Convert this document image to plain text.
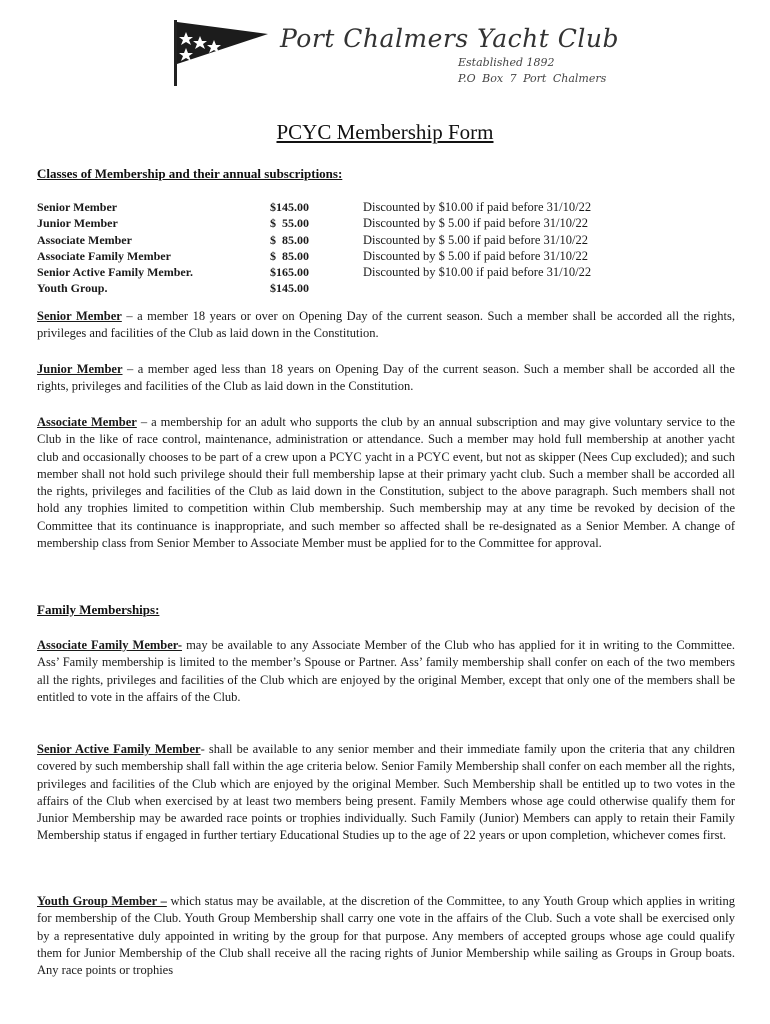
Port Chalmers Yacht Club
Established 1892
P.O Box 7 Port Chalmers
PCYC Membership Form
Classes of Membership and their annual subscriptions:
Senior Member	$145.00	Discounted by $10.00 if paid before 31/10/22
Junior Member	$  55.00	Discounted by $ 5.00 if paid before 31/10/22
Associate Member	$  85.00	Discounted by $ 5.00 if paid before 31/10/22
Associate Family Member	$  85.00	Discounted by $ 5.00 if paid before 31/10/22
Senior Active Family Member.	$165.00	Discounted by $10.00 if paid before 31/10/22
Youth Group.	$145.00

Senior Member – a member 18 years or over on Opening Day of the current season. Such a member shall be accorded all the rights, privileges and facilities of the Club as laid down in the Constitution.

Junior Member – a member aged less than 18 years on Opening Day of the current season. Such a member shall be accorded all the rights, privileges and facilities of the Club as laid down in the Constitution.

Associate Member – a membership for an adult who supports the club by an annual subscription and may give voluntary service to the Club in the like of race control, maintenance, administration or attendance. Such a member may hold full membership at another yacht club and occasionally chooses to be part of a crew upon a PCYC yacht in a PCYC event, but not as skipper (Nees Cup excluded); and such member shall not hold such privilege should their full membership lapse at their primary yacht club. Such a member shall be accorded all the rights, privileges and facilities of the Club as laid down in the Constitution, subject to the above paragraph. Such members shall not hold any trophies limited to competition within Club membership. Such membership may at any time be revoked by decision of the Committee that its continuance is inappropriate, and such member so affected shall be re-designated as a Senior Member. A change of membership class from Senior Member to Associate Member must be applied for to the Committee for approval.

Family Memberships:

Associate Family Member- may be available to any Associate Member of the Club who has applied for it in writing to the Committee. Ass’ Family membership is limited to the member’s Spouse or Partner. Ass’ family membership shall confer on each of the two members all the rights, privileges and facilities of the Club which are enjoyed by the original Member, except that only one of the members shall be entitled to vote in the affairs of the Club.

Senior Active Family Member- shall be available to any senior member and their immediate family upon the criteria that any children covered by such membership shall fall within the age criteria below. Senior Family Membership shall confer on each member all the rights, privileges and facilities of the Club which are enjoyed by the original Member. Such Membership shall be entitled up to two votes in the affairs of the Club when exercised by at least two members being present. Family Members whose age could otherwise qualify them for Junior Membership may be awarded race points or trophies individually. Such Family (Junior) Members can apply to retain their Family Membership status if engaged in further tertiary Educational Studies up to the age of 22 years or upon completion, whichever comes first.

Youth Group Member – which status may be available, at the discretion of the Committee, to any Youth Group which applies in writing for membership of the Club. Youth Group Membership shall carry one vote in the affairs of the Club. Such a vote shall be exercised only by a representative duly appointed in writing by the group for that purpose. Any members of accepted groups whose age could qualify them for Junior Membership of the Club shall receive all the racing rights of Junior Membership while sailing as Groups in Group boats. Any race points or trophies
